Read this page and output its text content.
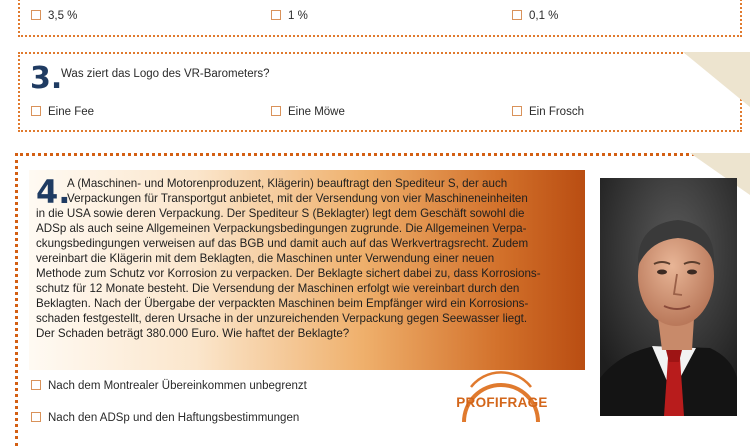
3,5 %	1 %	0,1 %
3.
Was ziert das Logo des VR-Barometers?
Eine Fee	Eine Möwe	Ein Frosch
4.
A (Maschinen- und Motorenproduzent, Klägerin) beauftragt den Spediteur S, der auch
Verpackungen für Transportgut anbietet, mit der Versendung von vier Maschineneinheiten
in die USA sowie deren Verpackung. Der Spediteur S (Beklagter) legt dem Geschäft sowohl die
ADSp als auch seine Allgemeinen Verpackungsbedingungen zugrunde. Die Allgemeinen Verpa-
ckungsbedingungen verweisen auf das BGB und damit auch auf das Werkvertragsrecht. Zudem
vereinbart die Klägerin mit dem Beklagten, die Maschinen unter Verwendung einer neuen
Methode zum Schutz vor Korrosion zu verpacken. Der Beklagte sichert dabei zu, dass Korrosions-
schutz für 12 Monate besteht. Die Versendung der Maschinen erfolgt wie vereinbart durch den
Beklagten. Nach der Übergabe der verpackten Maschinen beim Empfänger wird ein Korrosions-
schaden festgestellt, deren Ursache in der unzureichenden Verpackung gegen Seewasser liegt.
Der Schaden beträgt 380.000 Euro. Wie haftet der Beklagte?
Nach dem Montrealer Übereinkommen unbegrenzt
Nach den ADSp und den Haftungsbestimmungen
PROFIFRAGE
